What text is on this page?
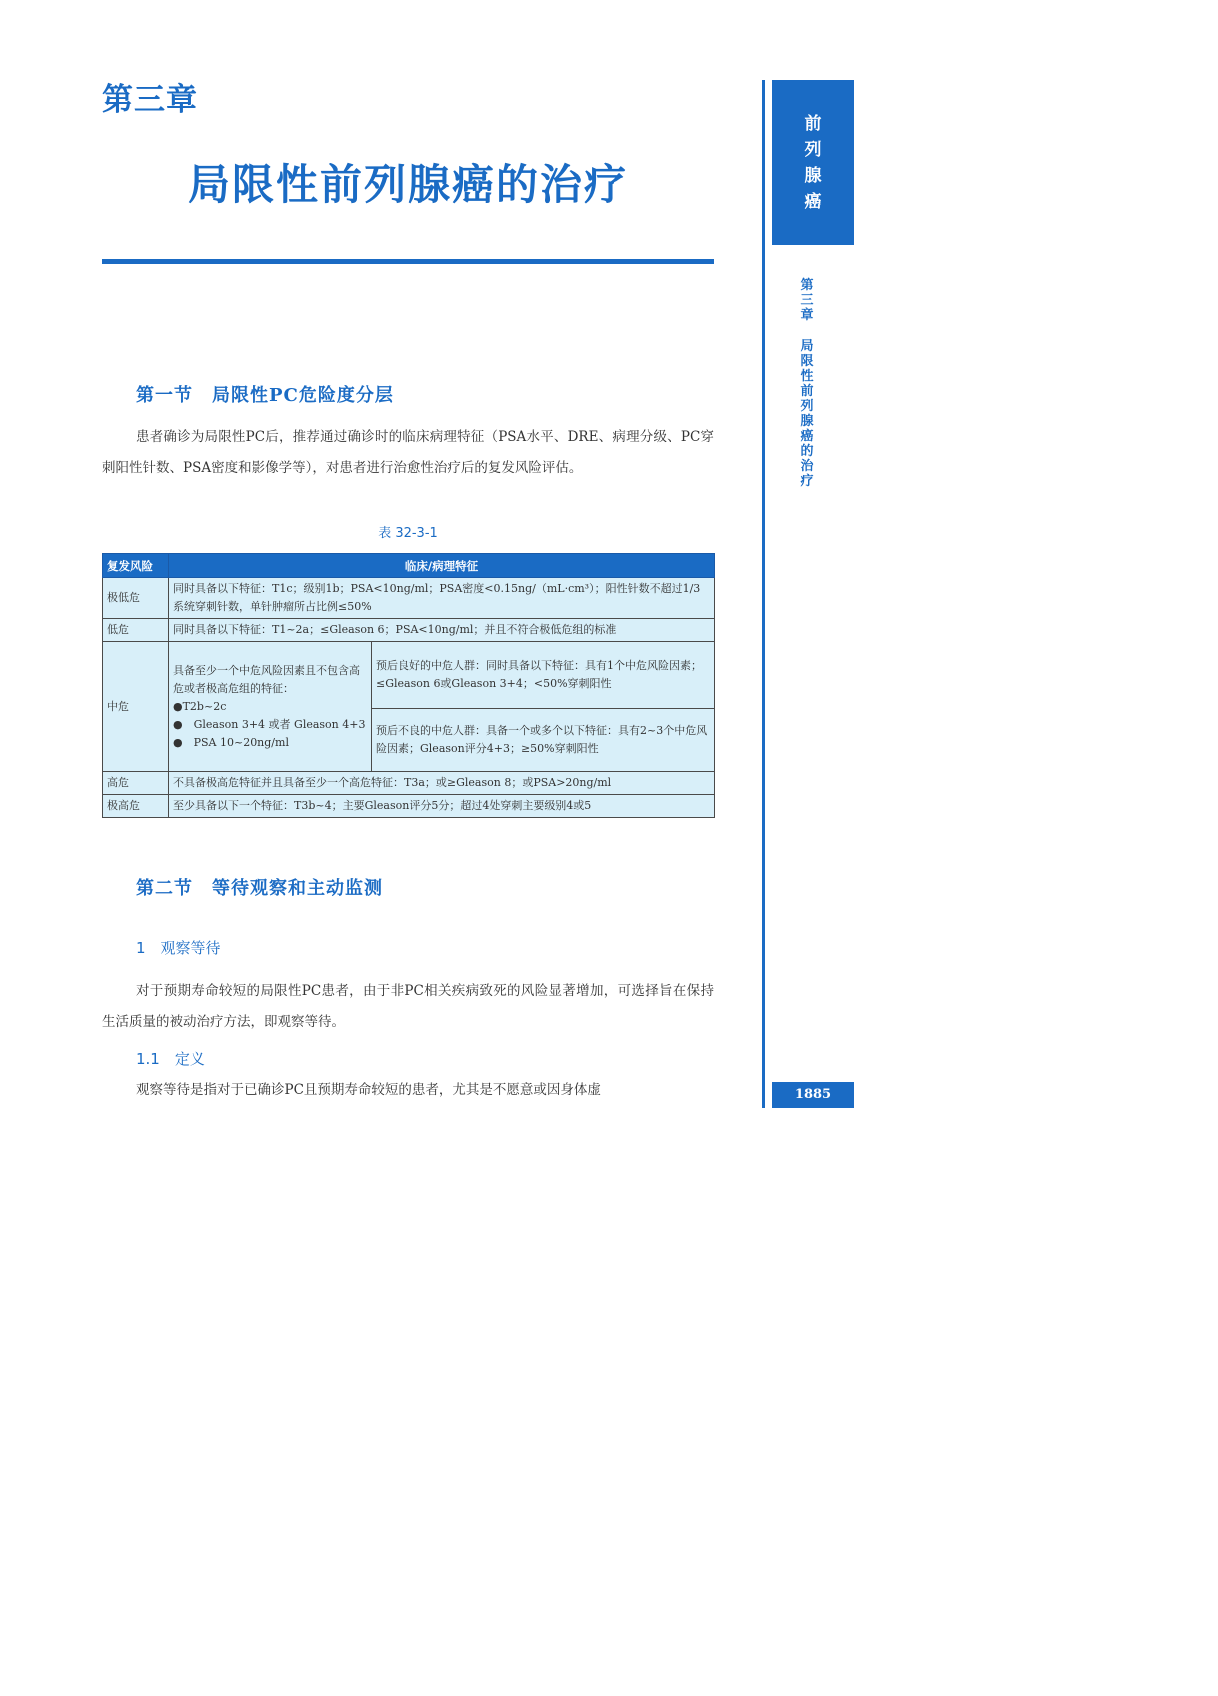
第三章
局限性前列腺癌的治疗
前
列
腺
癌
第三章
局限性前列腺癌的治疗
1885
第一节　局限性PC危险度分层
患者确诊为局限性PC后，推荐通过确诊时的临床病理特征（PSA水平、DRE、病理分级、PC穿刺阳性针数、PSA密度和影像学等），对患者进行治愈性治疗后的复发风险评估。
表 32-3-1
复发风险	临床/病理特征	
极低危	同时具备以下特征：T1c；级别1b；PSA<10ng/ml；PSA密度<0.15ng/（mL·cm³）；阳性针数不超过1/3系统穿刺针数，单针肿瘤所占比例≤50%	
低危	同时具备以下特征：T1~2a；≤Gleason 6；PSA<10ng/ml；并且不符合极低危组的标准	
中危	具备至少一个中危风险因素且不包含高危或者极高危组的特征：
●T2b~2c
●　Gleason 3+4 或者 Gleason 4+3
●　PSA 10~20ng/ml	预后良好的中危人群：同时具备以下特征：具有1个中危风险因素；≤Gleason 6或Gleason 3+4；<50%穿刺阳性
		预后不良的中危人群：具备一个或多个以下特征：具有2~3个中危风险因素；Gleason评分4+3；≥50%穿刺阳性
高危	不具备极高危特征并且具备至少一个高危特征：T3a；或≥Gleason 8；或PSA>20ng/ml	
极高危	至少具备以下一个特征：T3b~4；主要Gleason评分5分；超过4处穿刺主要级别4或5	
第二节　等待观察和主动监测
1　观察等待
对于预期寿命较短的局限性PC患者，由于非PC相关疾病致死的风险显著增加，可选择旨在保持生活质量的被动治疗方法，即观察等待。
1.1　定义
观察等待是指对于已确诊PC且预期寿命较短的患者，尤其是不愿意或因身体虚
